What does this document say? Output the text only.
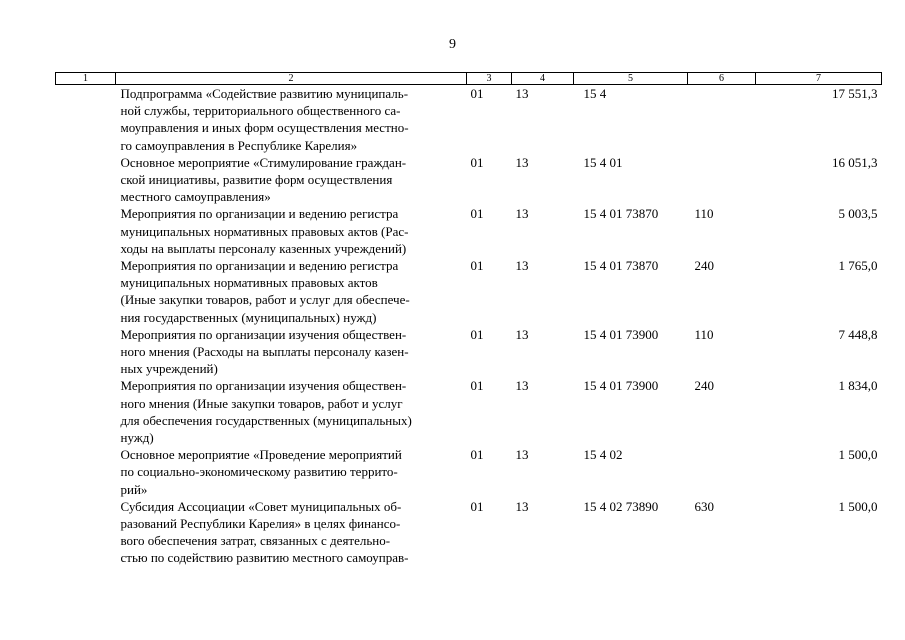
9
1	2	3	4	5	6	7

	Подпрограмма «Содействие развитию муниципаль-
ной службы, территориального общественного са-
моуправления и иных форм осуществления местно-
го самоуправления в Республике Карелия»	01	13	15 4		17 551,3

	Основное мероприятие «Стимулирование граждан-
ской инициативы, развитие форм осуществления
местного самоуправления»	01	13	15 4 01		16 051,3

	Мероприятия по организации и ведению регистра
муниципальных нормативных правовых актов (Рас-
ходы на выплаты персоналу казенных учреждений)	01	13	15 4 01 73870	110	5 003,5

	Мероприятия по организации и ведению регистра
муниципальных нормативных правовых актов
(Иные закупки товаров, работ и услуг для обеспече-
ния государственных (муниципальных) нужд)	01	13	15 4 01 73870	240	1 765,0

	Мероприятия по организации изучения обществен-
ного мнения (Расходы на выплаты персоналу казен-
ных учреждений)	01	13	15 4 01 73900	110	7 448,8

	Мероприятия по организации изучения обществен-
ного мнения (Иные закупки товаров, работ и услуг
для обеспечения государственных (муниципальных)
нужд)	01	13	15 4 01 73900	240	1 834,0

	Основное мероприятие «Проведение мероприятий
по социально-экономическому развитию террито-
рий»	01	13	15 4 02		1 500,0

	Субсидия Ассоциации «Совет муниципальных об-
разований Республики Карелия» в целях финансо-
вого обеспечения затрат, связанных с деятельно-
стью по содействию развитию местного самоуправ-	01	13	15 4 02 73890	630	1 500,0
